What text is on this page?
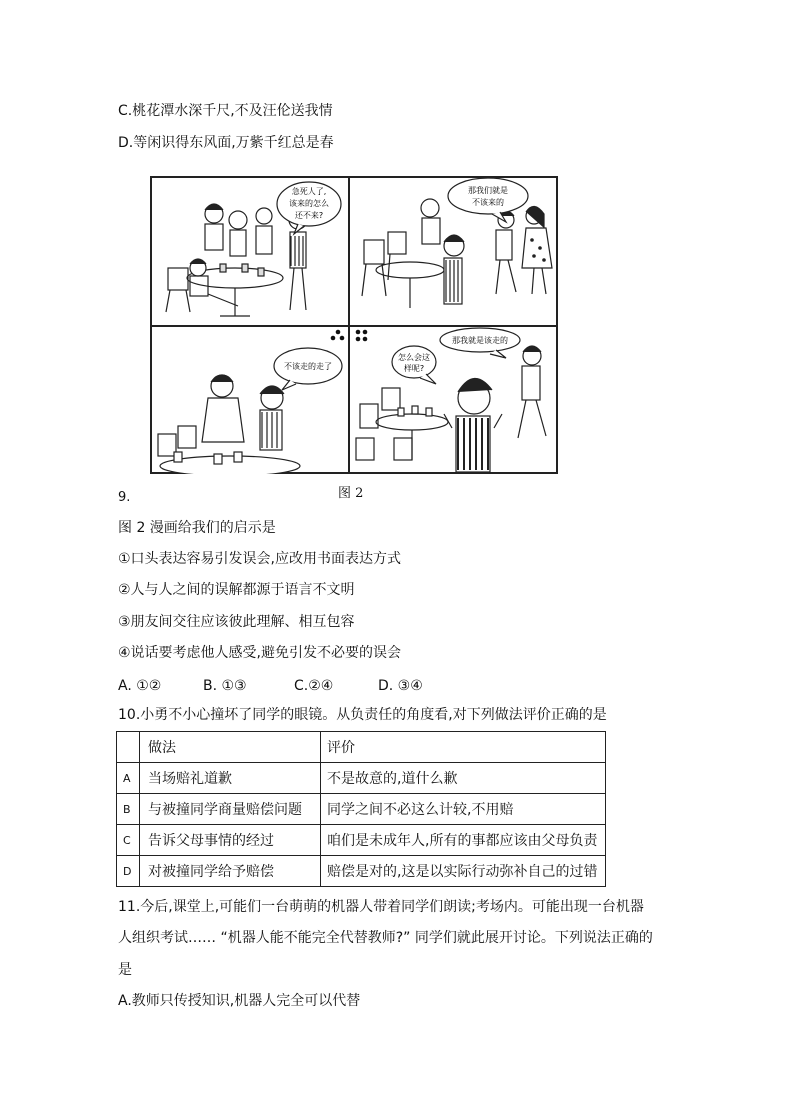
C.桃花潭水深千尺,不及汪伦送我情
D.等闲识得东风面,万紫千红总是春
急死人了,
该来的怎么
还不来?
那我们就是
不该来的
不该走的走了
那我就是该走的
怎么会这
样呢?
9.	图 2
图 2 漫画给我们的启示是
①口头表达容易引发误会,应改用书面表达方式
②人与人之间的误解都源于语言不文明
③朋友间交往应该彼此理解、相互包容
④说话要考虑他人感受,避免引发不必要的误会
A. ①②	B. ①③	C.②④	D. ③④
10.小勇不小心撞坏了同学的眼镜。从负责任的角度看,对下列做法评价正确的是
	做法	评价
A	当场赔礼道歉	不是故意的,道什么歉
B	与被撞同学商量赔偿问题	同学之间不必这么计较,不用赔
C	告诉父母事情的经过	咱们是未成年人,所有的事都应该由父母负责
D	对被撞同学给予赔偿	赔偿是对的,这是以实际行动弥补自己的过错
11.今后,课堂上,可能们一台萌萌的机器人带着同学们朗读;考场内。可能出现一台机器
人组织考试…… “机器人能不能完全代替教师?” 同学们就此展开讨论。下列说法正确的
是
A.教师只传授知识,机器人完全可以代替
